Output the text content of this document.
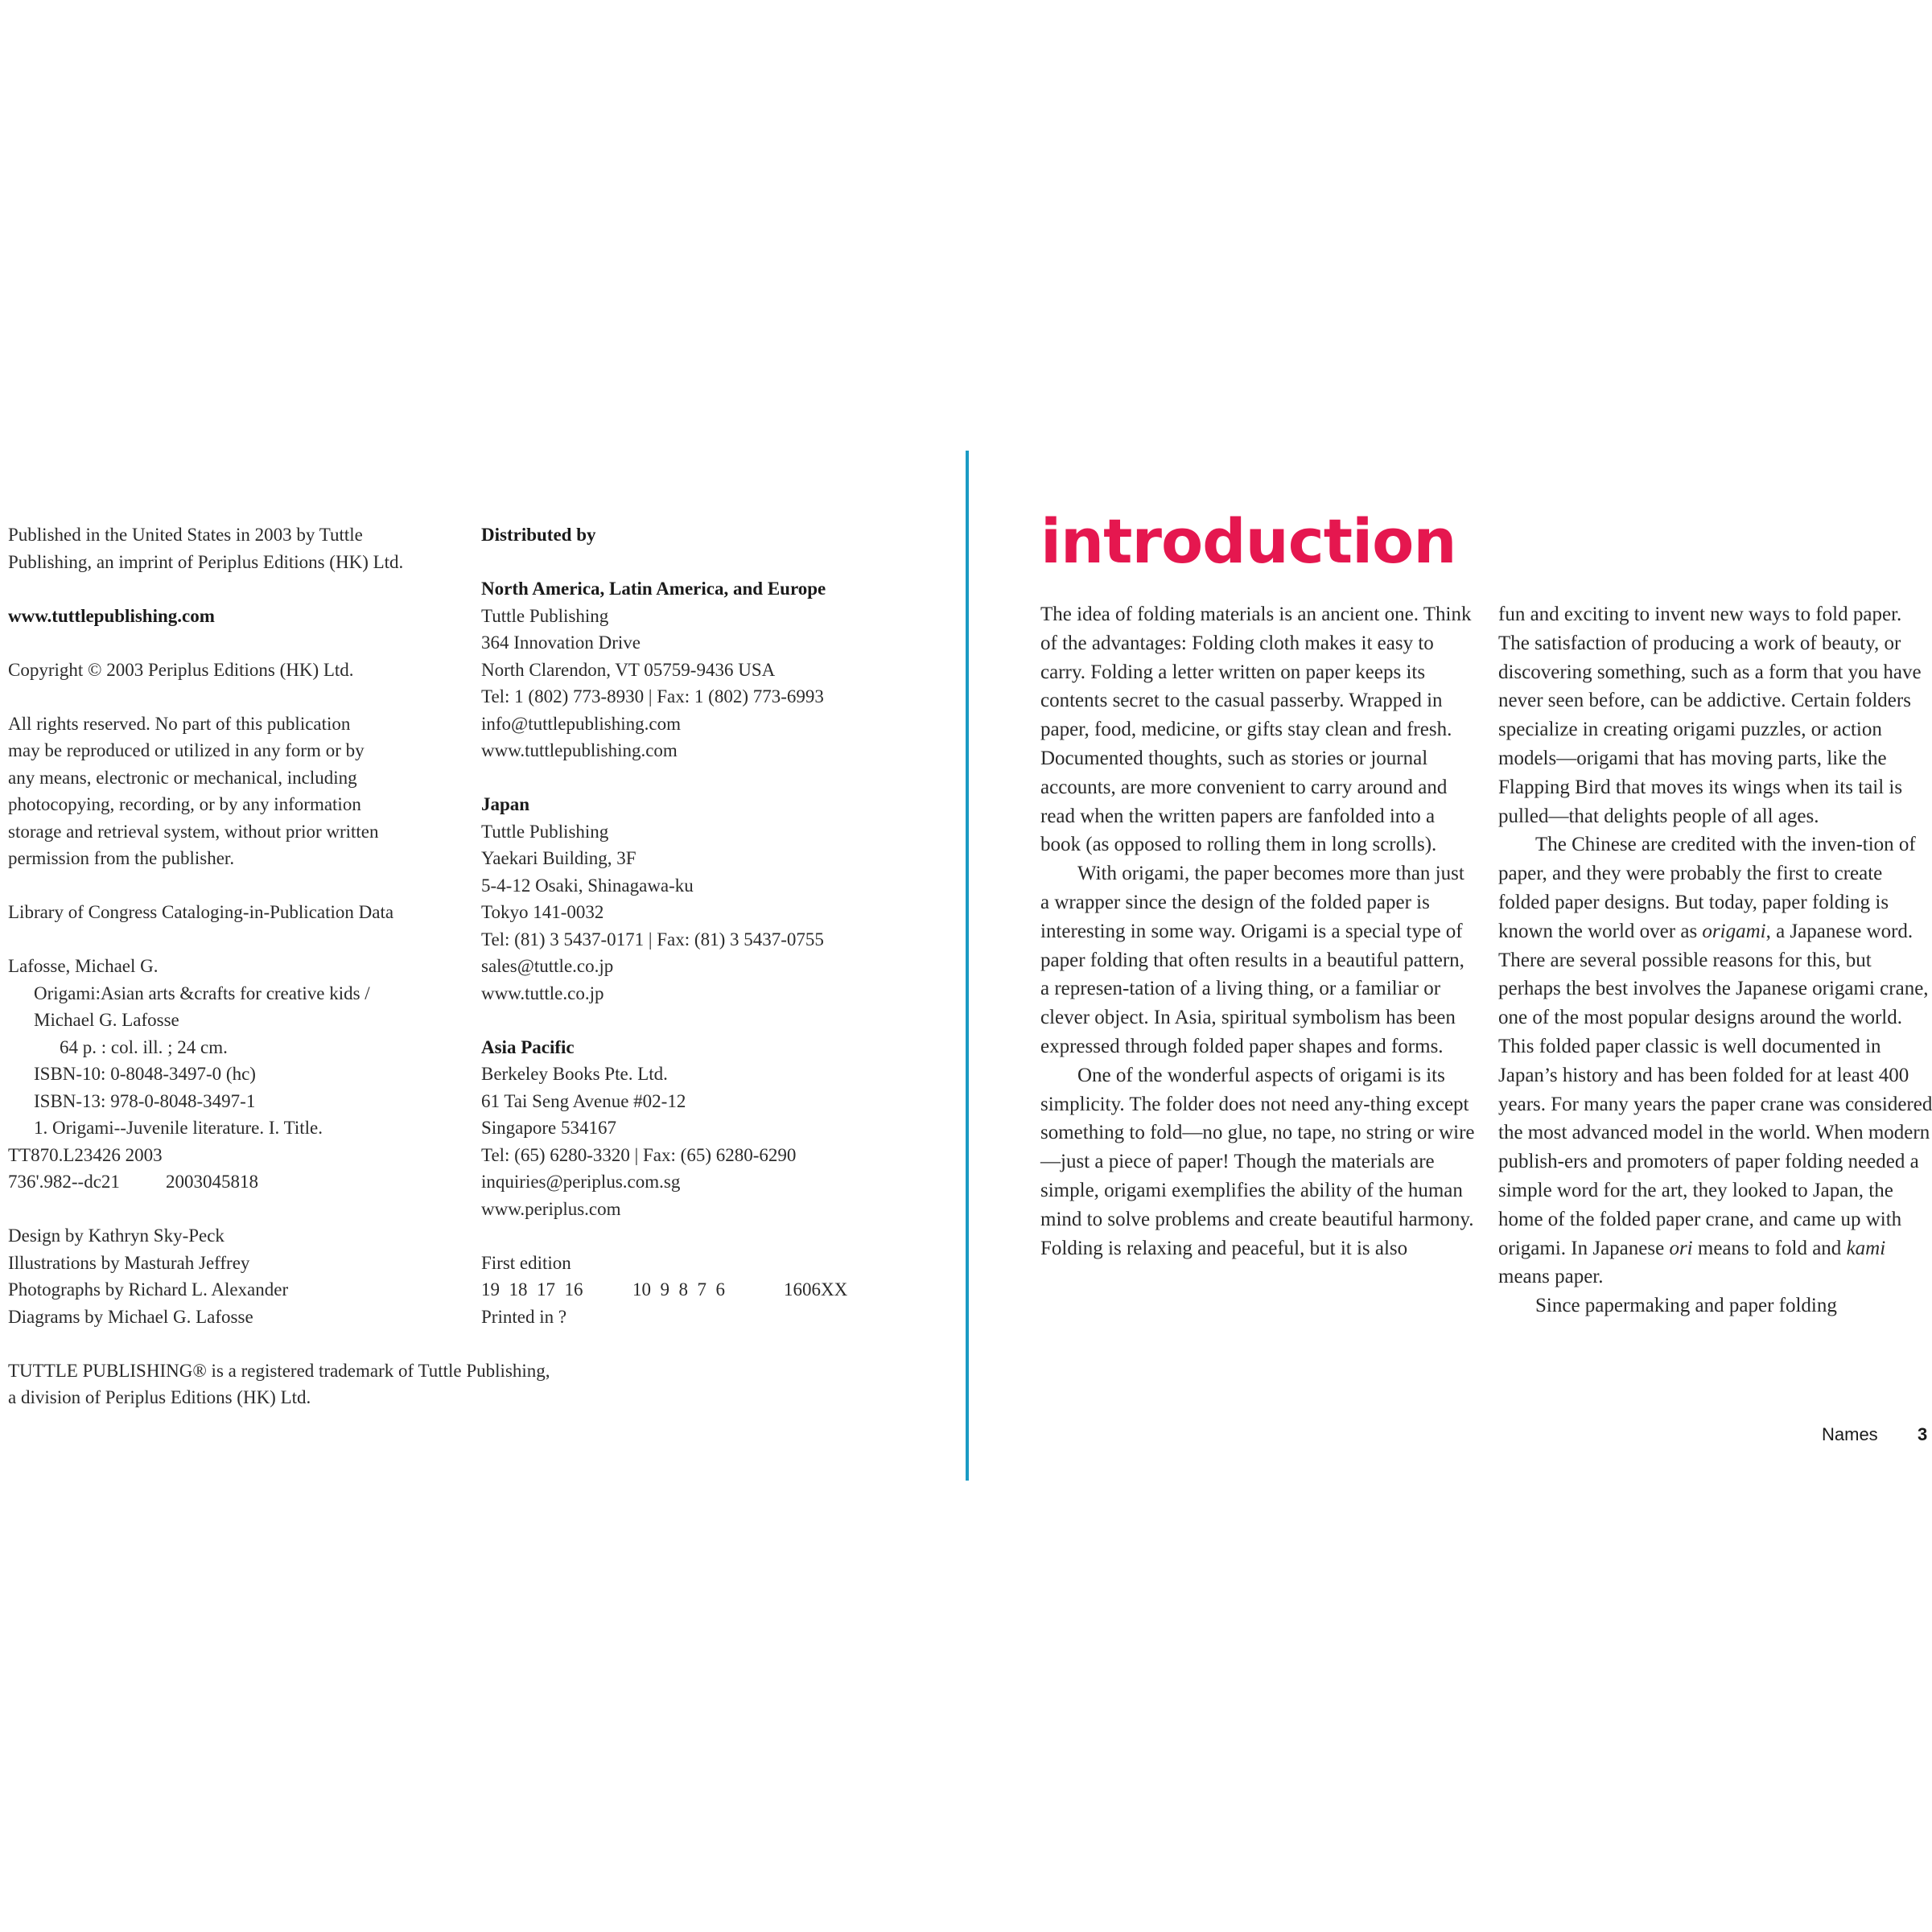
Published in the United States in 2003 by Tuttle

Publishing, an imprint of Periplus Editions (HK) Ltd.

www.tuttlepublishing.com

Copyright © 2003 Periplus Editions (HK) Ltd.

All rights reserved. No part of this publication

may be reproduced or utilized in any form or by

any means, electronic or mechanical, including

photocopying, recording, or by any information

storage and retrieval system, without prior written

permission from the publisher.

Library of Congress Cataloging-in-Publication Data

Lafosse, Michael G.

Origami:Asian arts &crafts for creative kids /

Michael G. Lafosse

64 p. : col. ill. ; 24 cm.

ISBN-10: 0-8048-3497-0 (hc)

ISBN-13: 978-0-8048-3497-1

1. Origami--Juvenile literature. I. Title.

TT870.L23426 2003

736'.982--dc21 2003045818

Design by Kathryn Sky-Peck

Illustrations by Masturah Jeffrey

Photographs by Richard L. Alexander

Diagrams by Michael G. Lafosse

TUTTLE PUBLISHING® is a registered trademark of Tuttle Publishing,

a division of Periplus Editions (HK) Ltd.

Distributed by

North America, Latin America, and Europe

Tuttle Publishing

364 Innovation Drive

North Clarendon, VT 05759-9436 USA

Tel: 1 (802) 773-8930 | Fax: 1 (802) 773-6993

info@tuttlepublishing.com

www.tuttlepublishing.com

Japan

Tuttle Publishing

Yaekari Building, 3F

5-4-12 Osaki, Shinagawa-ku

Tokyo 141-0032

Tel: (81) 3 5437-0171 | Fax: (81) 3 5437-0755

sales@tuttle.co.jp

www.tuttle.co.jp

Asia Pacific

Berkeley Books Pte. Ltd.

61 Tai Seng Avenue #02-12

Singapore 534167

Tel: (65) 6280-3320 | Fax: (65) 6280-6290

inquiries@periplus.com.sg

www.periplus.com

First edition

19  18  17  16	10  9  8  7  6	1606XX

Printed in ?

introduction

The idea of folding materials is an ancient one. Think of the advantages: Folding cloth makes it easy to carry. Folding a letter written on paper keeps its contents secret to the casual passerby. Wrapped in paper, food, medicine, or gifts stay clean and fresh. Documented thoughts, such as stories or journal accounts, are more convenient to carry around and read when the written papers are fanfolded into a book (as opposed to rolling them in long scrolls).

With origami, the paper becomes more than just a wrapper since the design of the folded paper is interesting in some way. Origami is a special type of paper folding that often results in a beautiful pattern, a represen-tation of a living thing, or a familiar or clever object. In Asia, spiritual symbolism has been expressed through folded paper shapes and forms.

One of the wonderful aspects of origami is its simplicity. The folder does not need any-thing except something to fold—no glue, no tape, no string or wire—just a piece of paper! Though the materials are simple, origami exemplifies the ability of the human mind to solve problems and create beautiful harmony. Folding is relaxing and peaceful, but it is also

fun and exciting to invent new ways to fold paper. The satisfaction of producing a work of beauty, or discovering something, such as a form that you have never seen before, can be addictive. Certain folders specialize in creating origami puzzles, or action models—origami that has moving parts, like the Flapping Bird that moves its wings when its tail is pulled—that delights people of all ages.

The Chinese are credited with the inven-tion of paper, and they were probably the first to create folded paper designs. But today, paper folding is known the world over as origami, a Japanese word. There are several possible reasons for this, but perhaps the best involves the Japanese origami crane, one of the most popular designs around the world. This folded paper classic is well documented in Japan’s history and has been folded for at least 400 years. For many years the paper crane was considered the most advanced model in the world. When modern publish-ers and promoters of paper folding needed a simple word for the art, they looked to Japan, the home of the folded paper crane, and came up with origami. In Japanese ori means to fold and kami means paper.

Since papermaking and paper folding

Names 3
